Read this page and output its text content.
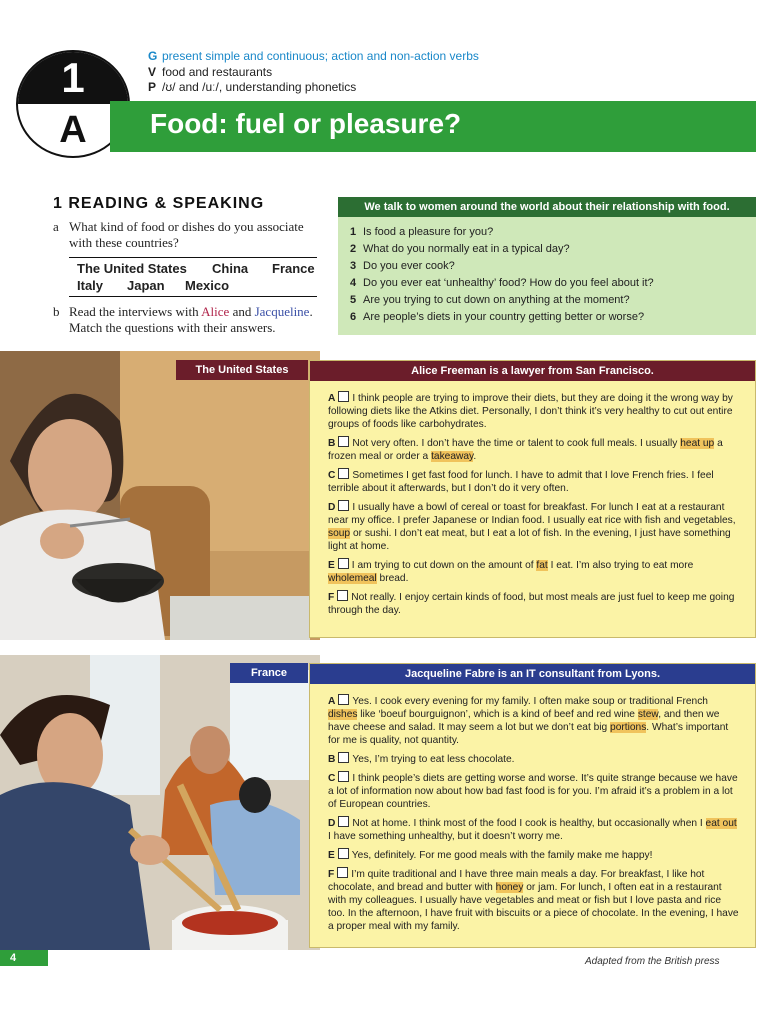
1
A
G present simple and continuous; action and non-action verbs
V food and restaurants
P /ʊ/ and /uː/, understanding phonetics
Food: fuel or pleasure?
1 READING & SPEAKING
a What kind of food or dishes do you associate with these countries?
The United States	China	France
Italy	Japan	Mexico
b Read the interviews with Alice and Jacqueline. Match the questions with their answers.
We talk to women around the world about their relationship with food.
1 Is food a pleasure for you?
2 What do you normally eat in a typical day?
3 Do you ever cook?
4 Do you ever eat ‘unhealthy’ food? How do you feel about it?
5 Are you trying to cut down on anything at the moment?
6 Are people’s diets in your country getting better or worse?
The United States
France
Alice Freeman is a lawyer from San Francisco.

A I think people are trying to improve their diets, but they are doing it the wrong way by following diets like the Atkins diet. Personally, I don’t think it’s very healthy to cut out entire groups of foods like carbohydrates.

B Not very often. I don’t have the time or talent to cook full meals. I usually heat up a frozen meal or order a takeaway.

C Sometimes I get fast food for lunch. I have to admit that I love French fries. I feel terrible about it afterwards, but I don’t do it very often.

D I usually have a bowl of cereal or toast for breakfast. For lunch I eat at a restaurant near my office. I prefer Japanese or Indian food. I usually eat rice with fish and vegetables, soup or sushi. I don’t eat meat, but I eat a lot of fish. In the evening, I just have something light at home.

E I am trying to cut down on the amount of fat I eat. I’m also trying to eat more wholemeal bread.

F Not really. I enjoy certain kinds of food, but most meals are just fuel to keep me going through the day.

Jacqueline Fabre is an IT consultant from Lyons.

A Yes. I cook every evening for my family. I often make soup or traditional French dishes like ‘boeuf bourguignon’, which is a kind of beef and red wine stew, and then we have cheese and salad. It may seem a lot but we don’t eat big portions. What’s important for me is quality, not quantity.

B Yes, I’m trying to eat less chocolate.

C I think people’s diets are getting worse and worse. It’s quite strange because we have a lot of information now about how bad fast food is for you. I’m afraid it’s a problem in a lot of European countries.

D Not at home. I think most of the food I cook is healthy, but occasionally when I eat out I have something unhealthy, but it doesn’t worry me.

E Yes, definitely. For me good meals with the family make me happy!

F I’m quite traditional and I have three main meals a day. For breakfast, I like hot chocolate, and bread and butter with honey or jam. For lunch, I often eat in a restaurant with my colleagues. I usually have vegetables and meat or fish but I love pasta and rice too. In the afternoon, I have fruit with biscuits or a piece of chocolate. In the evening, I have a proper meal with my family.

4	Adapted from the British press
